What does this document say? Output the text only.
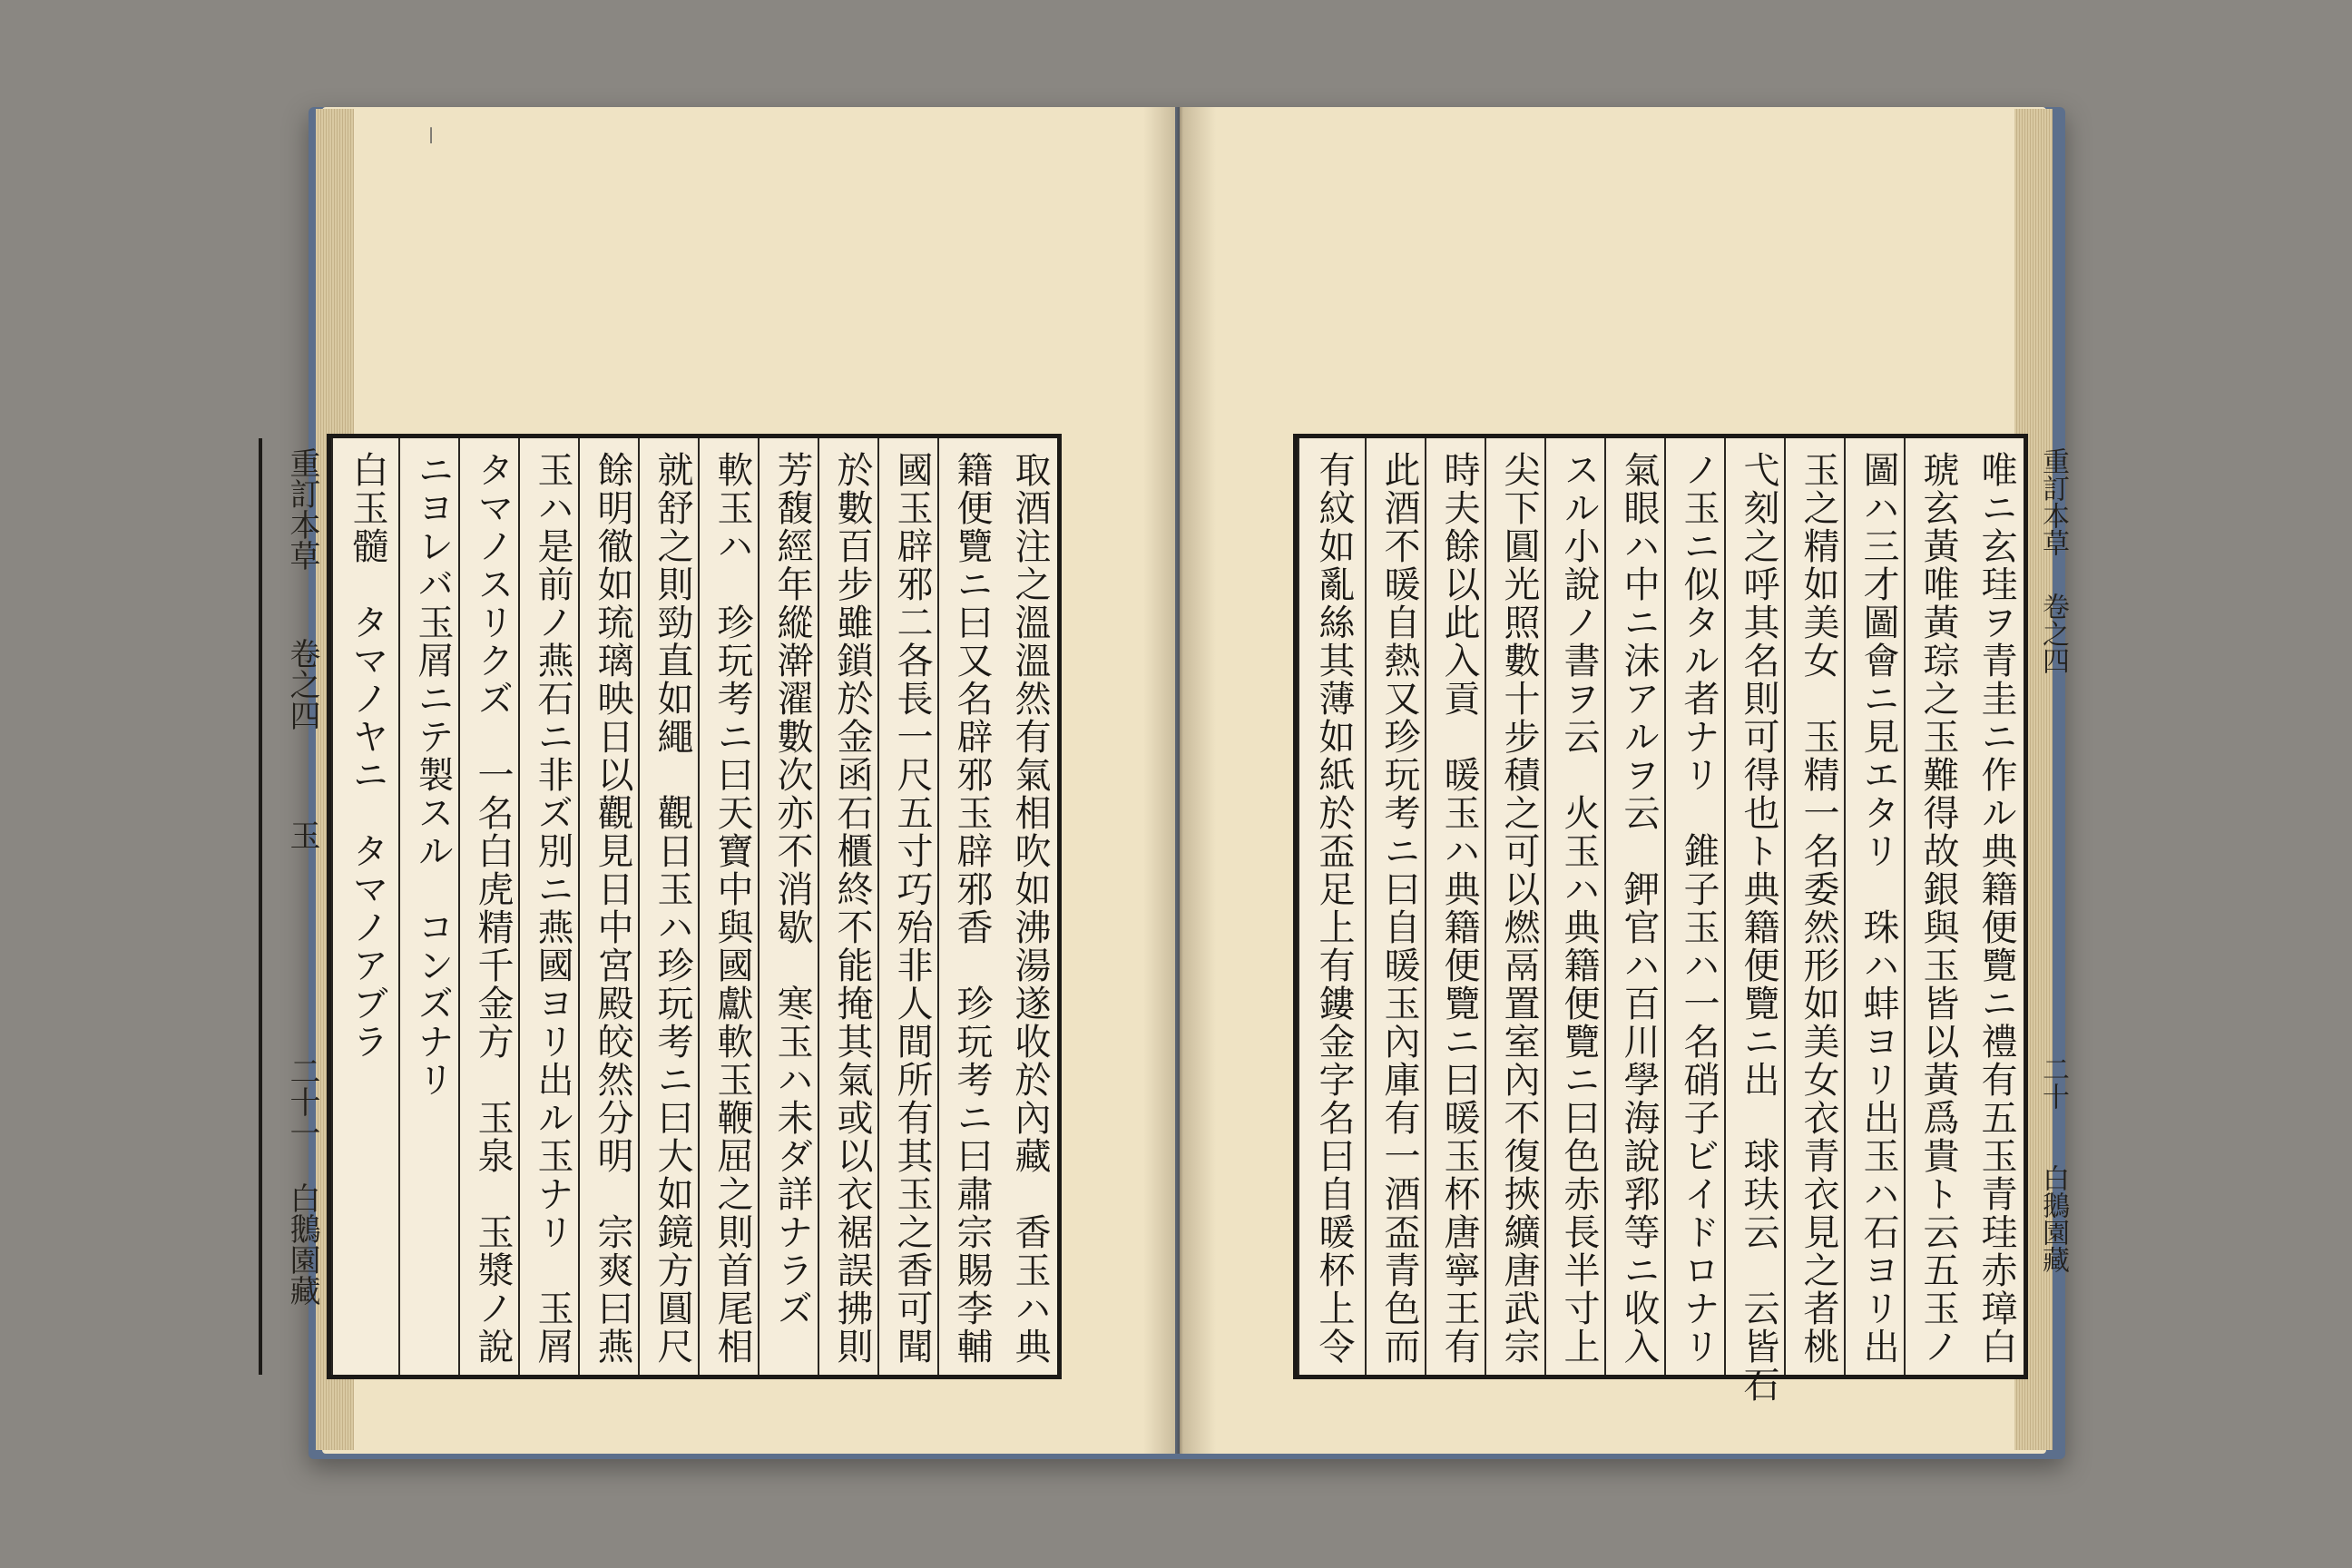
|
重訂本草
卷之四
玉
二十一
白鵝園藏	取酒注之溫溫然有氣相吹如沸湯遂收於內藏　香玉ハ典
籍便覽ニ曰又名辟邪玉辟邪香　珍玩考ニ曰肅宗賜李輔
國玉辟邪二各長一尺五寸巧殆非人間所有其玉之香可聞
於數百步雖鎖於金函石櫃終不能掩其氣或以衣裾誤拂則
芳馥經年縱澣濯數次亦不消歇　寒玉ハ未ダ詳ナラズ
軟玉ハ　珍玩考ニ曰天寶中與國獻軟玉鞭屈之則首尾相
就舒之則勁直如繩　觀日玉ハ珍玩考ニ曰大如鏡方圓尺
餘明徹如琉璃映日以觀見日中宮殿皎然分明　宗爽曰燕
玉ハ是前ノ燕石ニ非ズ別ニ燕國ヨリ出ル玉ナリ　玉屑
タマノスリクズ　一名白虎精千金方　玉泉　玉漿ノ說
ニヨレバ玉屑ニテ製スル　コンズナリ
白玉髓　タマノヤニ　タマノアブラ	重訂本草
卷之四
二十
白鵝園藏
唯ニ玄珪ヲ青圭ニ作ル典籍便覽ニ禮有五玉青珪赤璋白
琥玄黃唯黃琮之玉難得故銀與玉皆以黃爲貴ト云五玉ノ
圖ハ三才圖會ニ見エタリ　珠ハ蚌ヨリ出玉ハ石ヨリ出
玉之精如美女　玉精一名委然形如美女衣青衣見之者桃
弋刻之呼其名則可得也ト典籍便覽ニ出　球玞云　云皆石
ノ玉ニ似タル者ナリ　錐子玉ハ一名硝子ビイドロナリ
氣眼ハ中ニ沫アルヲ云　鉀官ハ百川學海說郛等ニ收入
スル小說ノ書ヲ云　火玉ハ典籍便覽ニ曰色赤長半寸上
尖下圓光照數十步積之可以燃鬲置室內不復挾纊唐武宗
時夫餘以此入貢　暖玉ハ典籍便覽ニ曰暖玉杯唐寧王有
此酒不暖自熱又珍玩考ニ曰自暖玉內庫有一酒盃青色而
有紋如亂絲其薄如紙於盃足上有鏤金字名曰自暖杯上令
